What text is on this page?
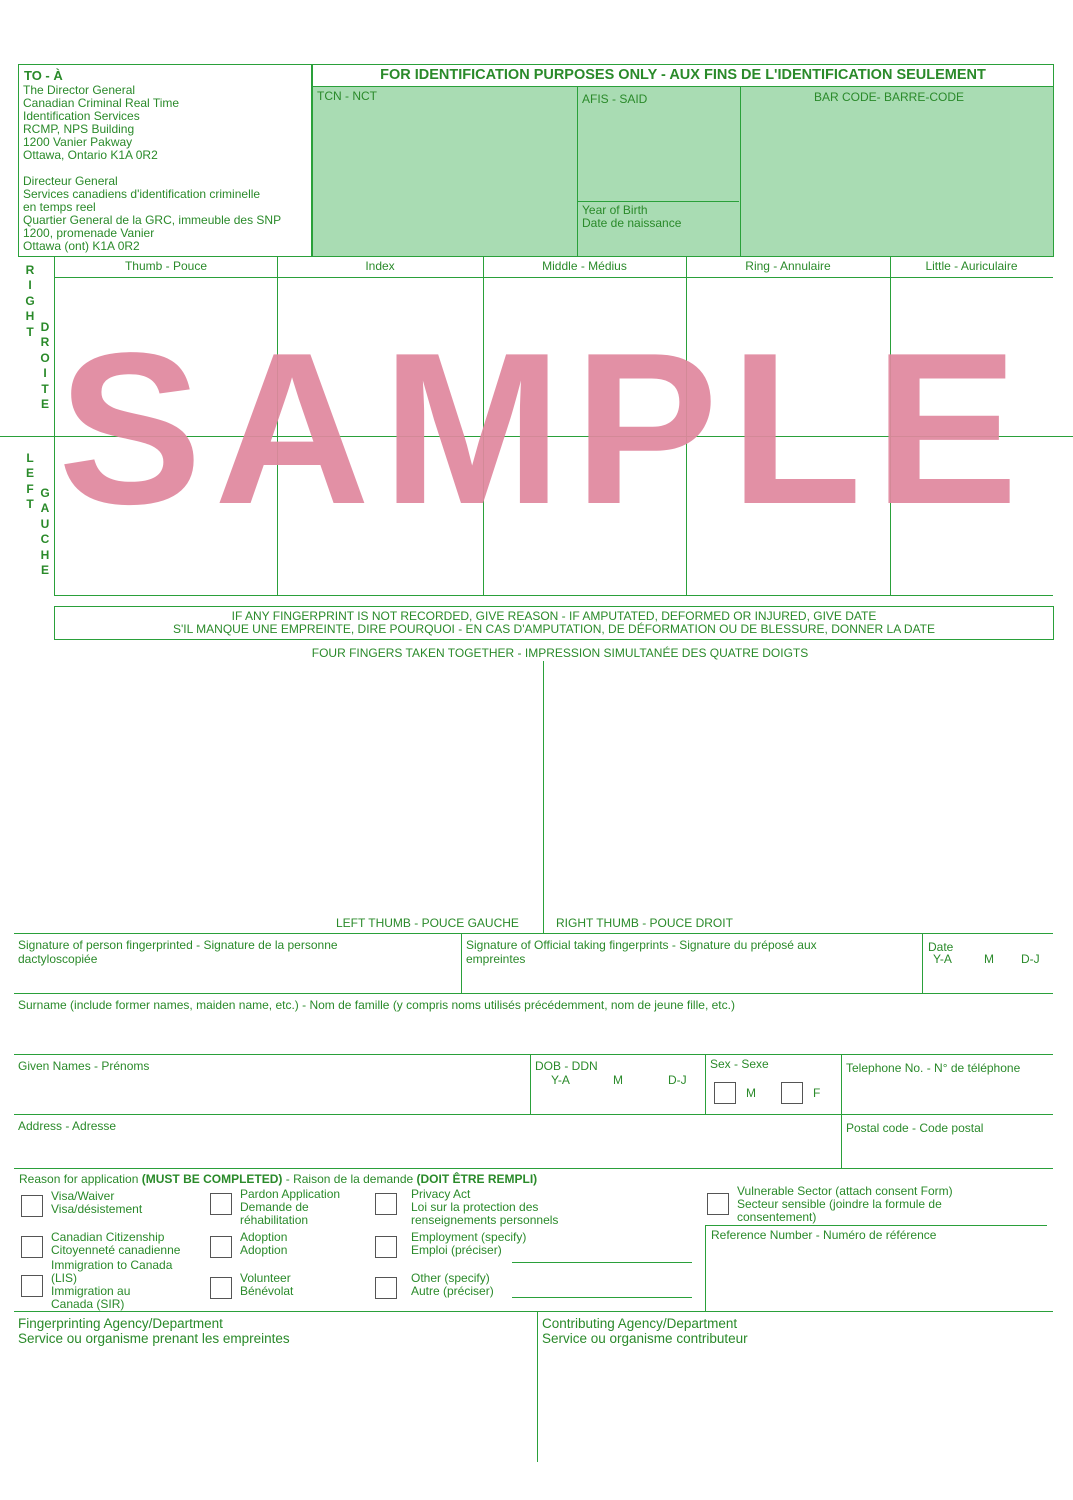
TO - À
The Director General
Canadian Criminal Real Time
Identification Services
RCMP, NPS Building
1200 Vanier Pakway
Ottawa, Ontario K1A 0R2
Directeur General
Services canadiens d'identification criminelle
en temps reel
Quartier General de la GRC, immeuble des SNP
1200, promenade Vanier
Ottawa (ont) K1A 0R2
FOR IDENTIFICATION PURPOSES ONLY - AUX FINS DE L'IDENTIFICATION SEULEMENT
TCN - NCT	AFIS - SAID
Year of Birth
Date de naissance
BAR CODE- BARRE-CODE
Thumb - Pouce	Index	Middle - Médius	Ring - Annulaire	Little - Auriculaire
R
I
G
H
T D
R
O
I
T
E
L
E
F
T
G
A
U
C
H
E
IF ANY FINGERPRINT IS NOT RECORDED, GIVE REASON - IF AMPUTATED, DEFORMED OR INJURED, GIVE DATE
S'IL MANQUE UNE EMPREINTE, DIRE POURQUOI - EN CAS D'AMPUTATION, DE DÉFORMATION OU DE BLESSURE, DONNER LA DATE
FOUR FINGERS TAKEN TOGETHER - IMPRESSION SIMULTANÉE DES QUATRE DOIGTS
LEFT THUMB - POUCE GAUCHE	RIGHT THUMB - POUCE DROIT
Signature of person fingerprinted - Signature de la personne
dactyloscopiée
Signature of Official taking fingerprints - Signature du préposé aux
empreintes
Date
Y-A	M D-J
Surname (include former names, maiden name, etc.) - Nom de famille (y compris noms utilisés précédemment, nom de jeune fille, etc.)
Given Names - Prénoms	DOB - DDN
Y-A	M	D-J
Sex - Sexe
M	F
Telephone No. - N° de téléphone
Address - Adresse	Postal code - Code postal
Reason for application (MUST BE COMPLETED) - Raison de la demande (DOIT ÊTRE REMPLI)
Visa/Waiver
Visa/désistement
Canadian Citizenship
Citoyenneté canadienne
Immigration to Canada
(LIS)
Immigration au
Canada (SIR)
Pardon Application
Demande de
réhabilitation
Adoption
Adoption
Volunteer
Bénévolat
Privacy Act
Loi sur la protection des
renseignements personnels
Employment (specify)
Emploi (préciser)
Other (specify)
Autre (préciser)
Vulnerable Sector (attach consent Form)
Secteur sensible (joindre la formule de
consentement)
Reference Number - Numéro de référence
Fingerprinting Agency/Department
Service ou organisme prenant les empreintes
Contributing Agency/Department
Service ou organisme contributeur
SAMPLE
